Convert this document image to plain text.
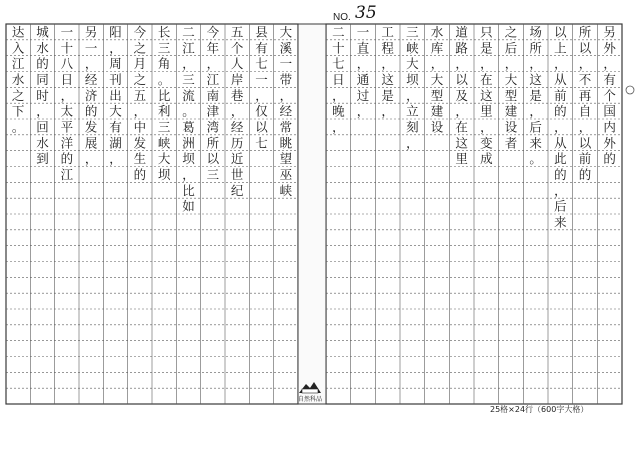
大
溪
一
带
，
经
常
眺
望
巫
峡
县
有
七
一
，
仅
以
七
五
个
人
岸
巷
，
经
历
近
世
纪
今
年
，
江
南
津
湾
所
以
三
二
江
，
三
流
。
葛
洲
坝
，
比
如
长
三
角
。
比
利
三
峡
大
坝
今
之
月
之
五
，
中
发
生
的
阳
，
周
刊
出
大
有
湖
，
另
一
，
经
济
的
发
展
，
一
十
八
日
，
太
平
洋
的
江
城
水
的
同
时
，
回
水
到
达
入
江
水
之
下
。
另
外
，
有
个
国
内
外
的
所
以
，
不
再
自
，
以
前
的
以
上
，
从
前
的
，
从
此
的
，
后
来
场
所
，
这
是
，
后
来
。
之
后
，
大
型
建
设
者
只
是
，
在
这
里
，
变
成
道
路
，
以
及
，
在
这
里
水
库
，
大
型
建
设
三
峡
大
坝
，
立
刻
，
工
程
，
这
是
，
一
直
，
通
过
，
二
十
七
日
，
晚
，
NO. 35
自然科品
25格×24行（600字大格）
